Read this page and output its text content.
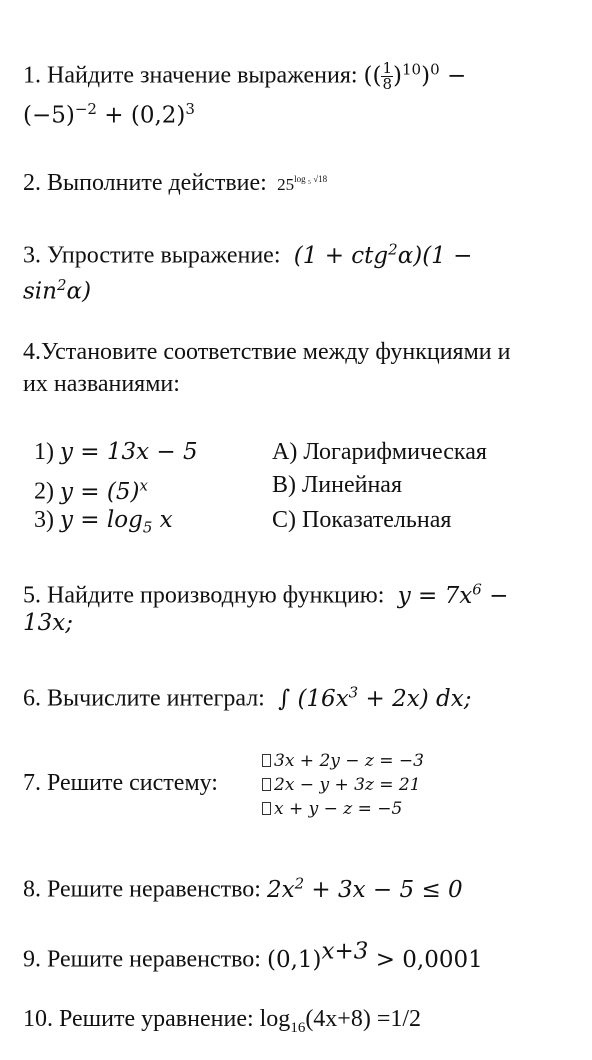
1. Найдите значение выражения: (( $\frac{1}{8} )^{10})^0$ −
$(-5)^{-2} + (0,2)^3$
2. Выполните действие: $25^{log _5 √18}$
3. Упростите выражение: (1 + ctg$^2$α)(1 −
$\sin^2\alpha$)
4.Установите соответствие между функциями и
их названиями:
1) y = 13x − 5
2) $y = (5)^x$
3) $y = \log_5 x$
A) Логарифмическая
B) Линейная
C) Показательная
5. Найдите производную функцию: $y = 7x^6$ −
13x;
6. Вычислите интеграл: ∫ $(16x^3 + 2x)$ dx;
7. Решите систему:
3x + 2y − z = −3
2x − y + 3z = 21
x + y − z = −5
8. Решите неравенство: $2x^2 + 3x - 5 \le 0$
9. Решите неравенство: $(0,1)^{x+3} > 0,0001$
10. Решите уравнение: $\log_{16}(4x+8) =1/2$
